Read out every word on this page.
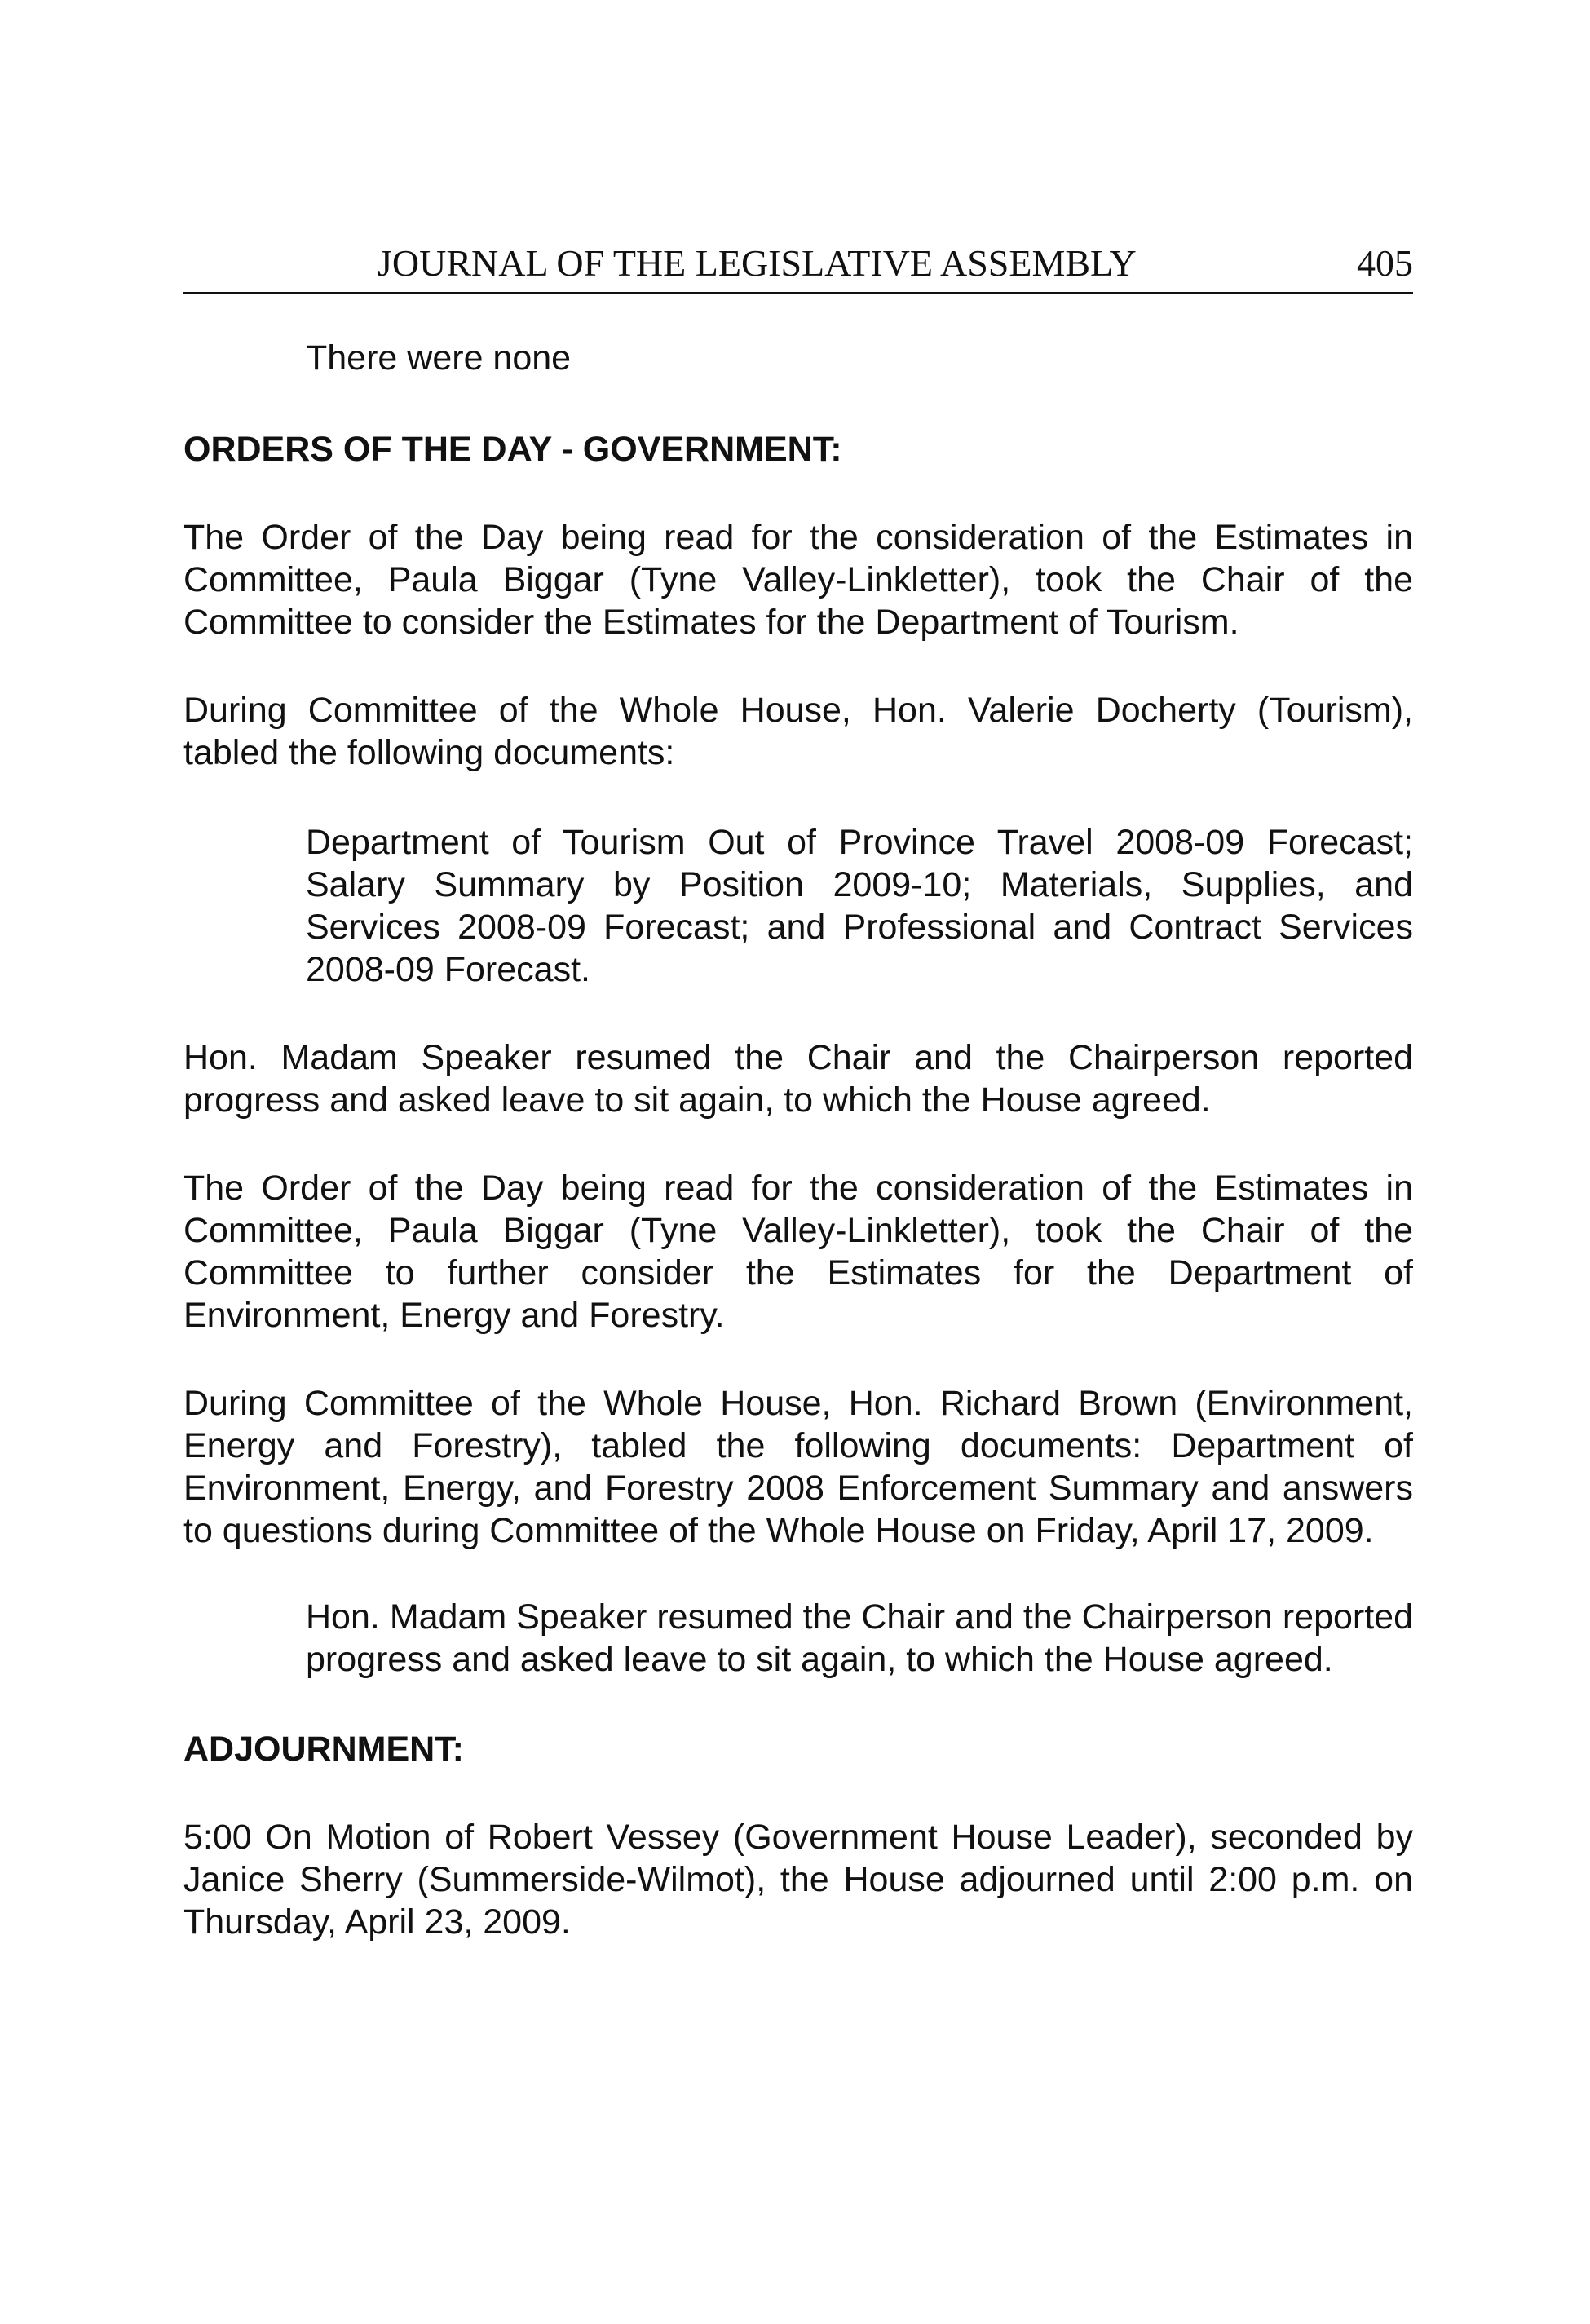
JOURNAL OF THE LEGISLATIVE ASSEMBLY	405

There were none

ORDERS OF THE DAY - GOVERNMENT:

The Order of the Day being read for the consideration of the Estimates in Committee, Paula Biggar (Tyne Valley-Linkletter), took the Chair of the Committee to consider the Estimates for the Department of Tourism.

During Committee of the Whole House, Hon. Valerie Docherty (Tourism), tabled the following documents:

Department of Tourism Out of Province Travel 2008-09 Forecast; Salary Summary by Position 2009-10; Materials, Supplies, and Services 2008-09 Forecast; and Professional and Contract Services 2008-09 Forecast.

Hon. Madam Speaker resumed the Chair and the Chairperson reported progress and asked leave to sit again, to which the House agreed.

The Order of the Day being read for the consideration of the Estimates in Committee, Paula Biggar (Tyne Valley-Linkletter), took the Chair of the Committee to further consider the Estimates for the Department of Environment, Energy and Forestry.

During Committee of the Whole House, Hon. Richard Brown (Environment, Energy and Forestry), tabled the following documents: Department of Environment, Energy, and Forestry 2008 Enforcement Summary and answers to questions during Committee of the Whole House on Friday, April 17, 2009.

Hon. Madam Speaker resumed the Chair and the Chairperson reported progress and asked leave to sit again, to which the House agreed.

ADJOURNMENT:

5:00 On Motion of Robert Vessey (Government House Leader), seconded by Janice Sherry (Summerside-Wilmot), the House adjourned until 2:00 p.m. on Thursday, April 23, 2009.
